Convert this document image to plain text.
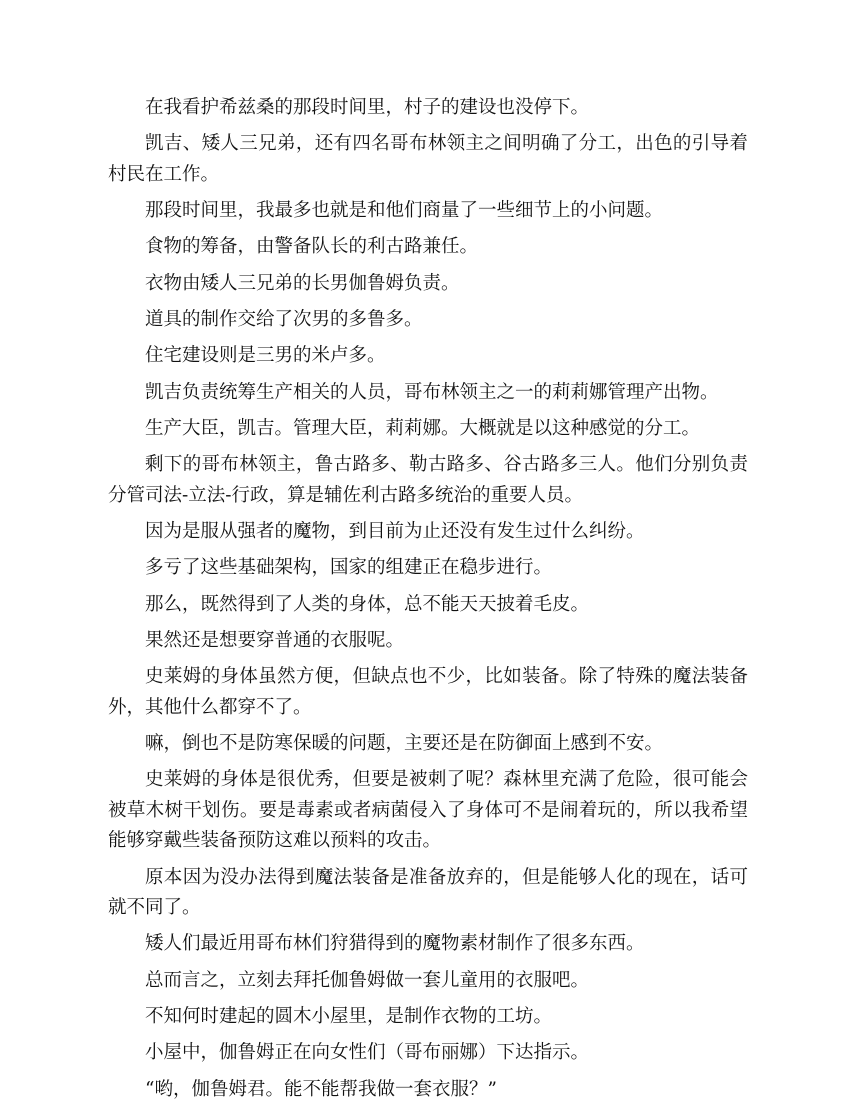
在我看护希兹桑的那段时间里，村子的建设也没停下。

凯吉、矮人三兄弟，还有四名哥布林领主之间明确了分工，出色的引导着村民在工作。

那段时间里，我最多也就是和他们商量了一些细节上的小问题。

食物的筹备，由警备队长的利古路兼任。

衣物由矮人三兄弟的长男伽鲁姆负责。

道具的制作交给了次男的多鲁多。

住宅建设则是三男的米卢多。

凯吉负责统筹生产相关的人员，哥布林领主之一的莉莉娜管理产出物。

生产大臣，凯吉。管理大臣，莉莉娜。大概就是以这种感觉的分工。

剩下的哥布林领主，鲁古路多、勒古路多、谷古路多三人。他们分别负责分管司法-立法-行政，算是辅佐利古路多统治的重要人员。

因为是服从强者的魔物，到目前为止还没有发生过什么纠纷。

多亏了这些基础架构，国家的组建正在稳步进行。

那么，既然得到了人类的身体，总不能天天披着毛皮。

果然还是想要穿普通的衣服呢。

史莱姆的身体虽然方便，但缺点也不少，比如装备。除了特殊的魔法装备外，其他什么都穿不了。

嘛，倒也不是防寒保暖的问题，主要还是在防御面上感到不安。

史莱姆的身体是很优秀，但要是被刺了呢？森林里充满了危险，很可能会被草木树干划伤。要是毒素或者病菌侵入了身体可不是闹着玩的，所以我希望能够穿戴些装备预防这难以预料的攻击。

原本因为没办法得到魔法装备是准备放弃的，但是能够人化的现在，话可就不同了。

矮人们最近用哥布林们狩猎得到的魔物素材制作了很多东西。

总而言之，立刻去拜托伽鲁姆做一套儿童用的衣服吧。

不知何时建起的圆木小屋里，是制作衣物的工坊。

小屋中，伽鲁姆正在向女性们（哥布丽娜）下达指示。

“哟，伽鲁姆君。能不能帮我做一套衣服？”
